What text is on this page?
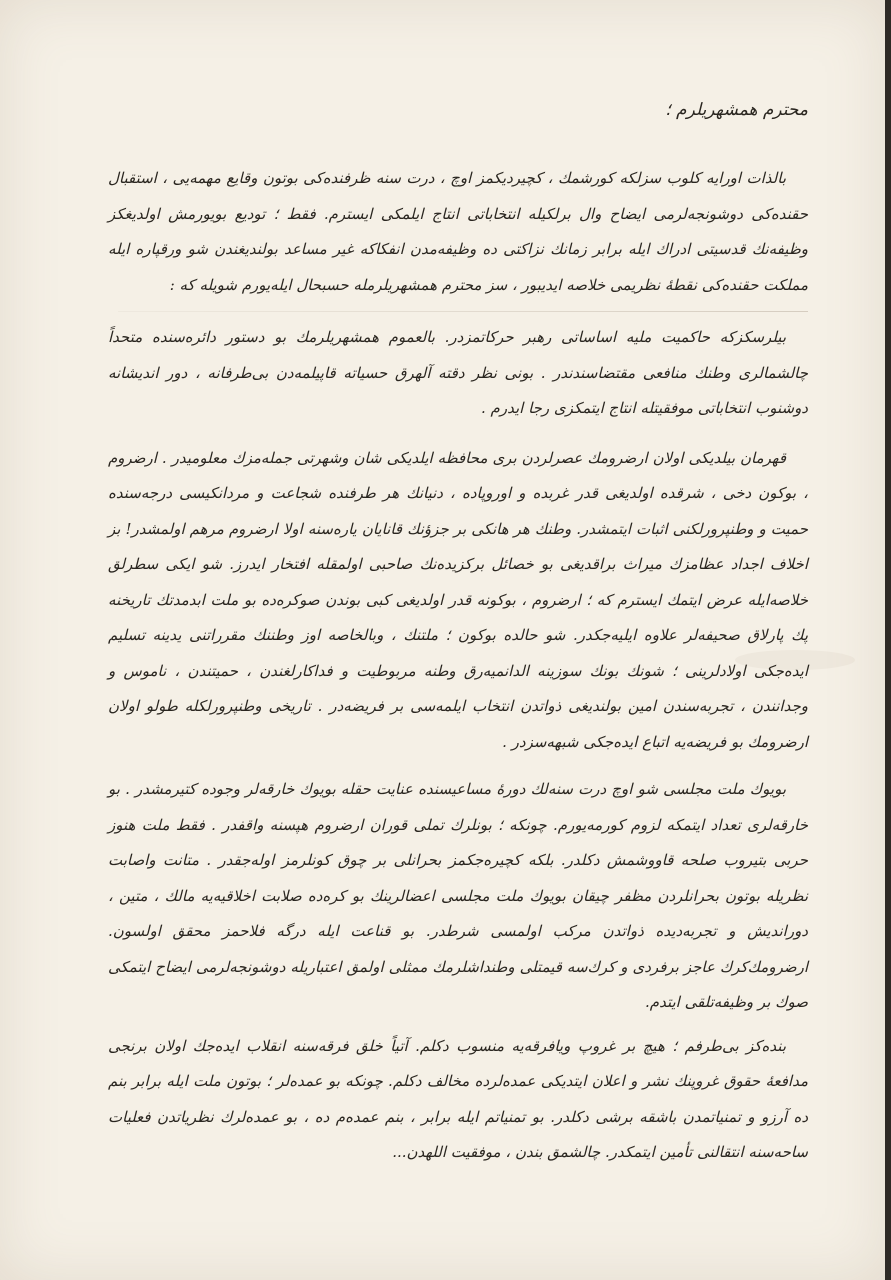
محترم همشهریلرم ؛

بالذات اورایه كلوب سزلكه كورشمك ، كچیردیكمز اوچ ، درت سنه ظرفنده‌كی بوتون وقایع مهمه‌یی ، استقبال حقنده‌كی دوشونجه‌لرمی ایضاح وال برلكیله انتخاباتی انتاج ایلمكی ایسترم. فقط ؛ تودیع بویورمش اولدیغكز وظیفه‌نك قدسیتی ادراك ایله برابر زمانك نزاكتی ده وظیفه‌مدن انفكاكه غیر مساعد بولندیغندن شو ورقپاره ایله مملكت حقنده‌كی نقطهٔ نظریمی خلاصه ایدیبور ، سز محترم همشهریلرمله حسبحال ایله‌یورم شویله كه :

بیلرسكزكه حاكمیت ملیه اساساتی رهبر حركاتمزدر. بالعموم همشهریلرمك بو دستور دائره‌سنده متحداً چالشمالری وطنك منافعی مقتضاسندندر . بونی نظر دقته آلهرق حسیاته قاپیلمه‌دن بی‌طرفانه ، دور اندیشانه دوشنوب انتخاباتی موفقیتله انتاج ایتمكزی رجا ایدرم .

قهرمان بیلدیكی اولان ارضرومك عصرلردن بری محافظه ایلدیكی شان وشهرتی جمله‌مزك معلومیدر . ارضروم ، بوكون دخی ، شرقده اولدیغی قدر غربده و اوروپاده ، دنیانك هر طرفنده شجاعت و مردانكیسی درجه‌سنده حمیت و وطنپرورلكنی اثبات ایتمشدر. وطنك هر هانكی بر جزؤنك قانایان یاره‌سنه اولا ارضروم مرهم اولمشدر! بز اخلاف اجداد عظامزك میراث براقدیغی بو خصائل بركزیده‌نك صاحبی اولمقله افتخار ایدرز. شو ایكی سطرلق خلاصه‌ایله عرض ایتمك ایسترم كه ؛ ارضروم ، بوكونه قدر اولدیغی كبی بوندن صوكره‌ده بو ملت ابدمدتك تاریخنه پك پارلاق صحیفه‌لر علاوه ایلیه‌جكدر. شو حالده بوكون ؛ ملتنك ، وبالخاصه اوز وطننك مقرراتنی یدینه تسلیم ایده‌جكی اولادلرینی ؛ شونك بونك سوزینه الدانمیه‌رق وطنه مربوطیت و فداكارلغندن ، حمیتندن ، ناموس و وجدانندن ، تجربه‌سندن امین بولندیغی ذواتدن انتخاب ایلمه‌سی بر فریضه‌در . تاریخی وطنپرورلكله طولو اولان ارضرومك بو فریضه‌یه اتباع ایده‌جكی شبهه‌سزدر .

بویوك ملت مجلسی شو اوچ درت سنه‌لك دورهٔ مساعیسنده عنایت حقله بویوك خارقه‌لر وجوده كتیرمشدر . بو خارقه‌لری تعداد ایتمكه لزوم كورمه‌یورم. چونكه ؛ بونلرك تملی قوران ارضروم هپسنه واقفدر . فقط ملت هنوز حربی بتیروب صلحه قاووشمش دكلدر. بلكه كچیره‌جكمز بحرانلی بر چوق كونلرمز اوله‌جقدر . متانت واصابت نظریله بوتون بحرانلردن مظفر چیقان بویوك ملت مجلسی اعضالرینك بو كره‌ده صلابت اخلاقیه‌یه مالك ، متین ، دوراندیش و تجربه‌دیده ذواتدن مركب اولمسی شرطدر. بو قناعت ایله درگه فلاحمز محقق اولسون. ارضرومك‌كرك عاجز برفردی و كرك‌سه قیمتلی وطنداشلرمك ممثلی اولمق اعتباریله دوشونجه‌لرمی ایضاح ایتمكی صوك بر وظیفه‌تلقی ایتدم.

بنده‌كز بی‌طرفم ؛ هیچ بر غروپ ویافرقه‌یه منسوب دكلم. آتیاً خلق فرقه‌سنه انقلاب ایده‌جك اولان برنجی مدافعهٔ حقوق غروپنك نشر و اعلان ایتدیكی عمده‌لرده مخالف دكلم. چونكه بو عمده‌لر ؛ بوتون ملت ایله برابر بنم ده آرزو و تمنیاتمدن باشقه برشی دكلدر. بو تمنیاتم ایله برابر ، بنم عمده‌م ده ، بو عمده‌لرك نظریاتدن فعلیات ساحه‌سنه انتقالنی تأمین ایتمكدر. چالشمق بندن ، موفقیت اللهدن...
